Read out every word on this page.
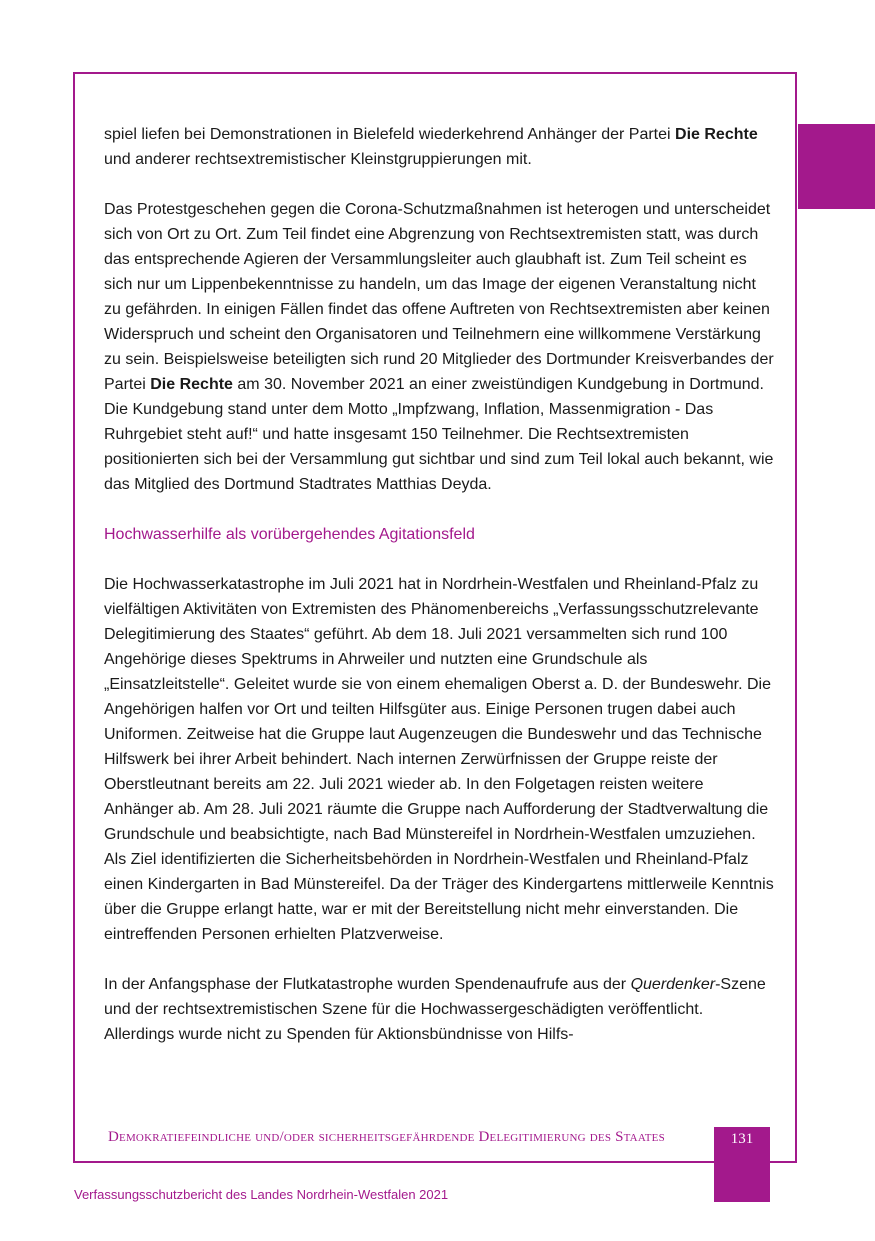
spiel liefen bei Demonstrationen in Bielefeld wiederkehrend Anhänger der Partei Die Rechte und anderer rechtsextremistischer Kleinstgruppierungen mit.

Das Protestgeschehen gegen die Corona-Schutzmaßnahmen ist heterogen und unterscheidet sich von Ort zu Ort. Zum Teil findet eine Abgrenzung von Rechtsextremisten statt, was durch das entsprechende Agieren der Versammlungsleiter auch glaubhaft ist. Zum Teil scheint es sich nur um Lippenbekenntnisse zu handeln, um das Image der eigenen Veranstaltung nicht zu gefährden. In einigen Fällen findet das offene Auftreten von Rechtsextremisten aber keinen Widerspruch und scheint den Organisatoren und Teilnehmern eine willkommene Verstärkung zu sein. Beispielsweise beteiligten sich rund 20 Mitglieder des Dortmunder Kreisverbandes der Partei Die Rechte am 30. November 2021 an einer zweistündigen Kundgebung in Dortmund. Die Kundgebung stand unter dem Motto „Impfzwang, Inflation, Massenmigration - Das Ruhrgebiet steht auf!“ und hatte insgesamt 150 Teilnehmer. Die Rechtsextremisten positionierten sich bei der Versammlung gut sichtbar und sind zum Teil lokal auch bekannt, wie das Mitglied des Dortmund Stadtrates Matthias Deyda.

Hochwasserhilfe als vorübergehendes Agitationsfeld

Die Hochwasserkatastrophe im Juli 2021 hat in Nordrhein-Westfalen und Rheinland-Pfalz zu vielfältigen Aktivitäten von Extremisten des Phänomenbereichs „Verfassungsschutzrelevante Delegitimierung des Staates“ geführt. Ab dem 18. Juli 2021 versammelten sich rund 100 Angehörige dieses Spektrums in Ahrweiler und nutzten eine Grundschule als „Einsatzleitstelle“. Geleitet wurde sie von einem ehemaligen Oberst a. D. der Bundeswehr. Die Angehörigen halfen vor Ort und teilten Hilfsgüter aus. Einige Personen trugen dabei auch Uniformen. Zeitweise hat die Gruppe laut Augenzeugen die Bundeswehr und das Technische Hilfswerk bei ihrer Arbeit behindert. Nach internen Zerwürfnissen der Gruppe reiste der Oberstleutnant bereits am 22. Juli 2021 wieder ab. In den Folgetagen reisten weitere Anhänger ab. Am 28. Juli 2021 räumte die Gruppe nach Aufforderung der Stadtverwaltung die Grundschule und beabsichtigte, nach Bad Münstereifel in Nordrhein-Westfalen umzuziehen. Als Ziel identifizierten die Sicherheitsbehörden in Nordrhein-Westfalen und Rheinland-Pfalz einen Kindergarten in Bad Münstereifel. Da der Träger des Kindergartens mittlerweile Kenntnis über die Gruppe erlangt hatte, war er mit der Bereitstellung nicht mehr einverstanden. Die eintreffenden Personen erhielten Platzverweise.

In der Anfangsphase der Flutkatastrophe wurden Spendenaufrufe aus der Querdenker-Szene und der rechtsextremistischen Szene für die Hochwassergeschädigten veröffentlicht. Allerdings wurde nicht zu Spenden für Aktionsbündnisse von Hilfs-

Demokratiefeindliche und/oder sicherheitsgefährdende Delegitimierung des Staates	131
Verfassungsschutzbericht des Landes Nordrhein-Westfalen 2021
